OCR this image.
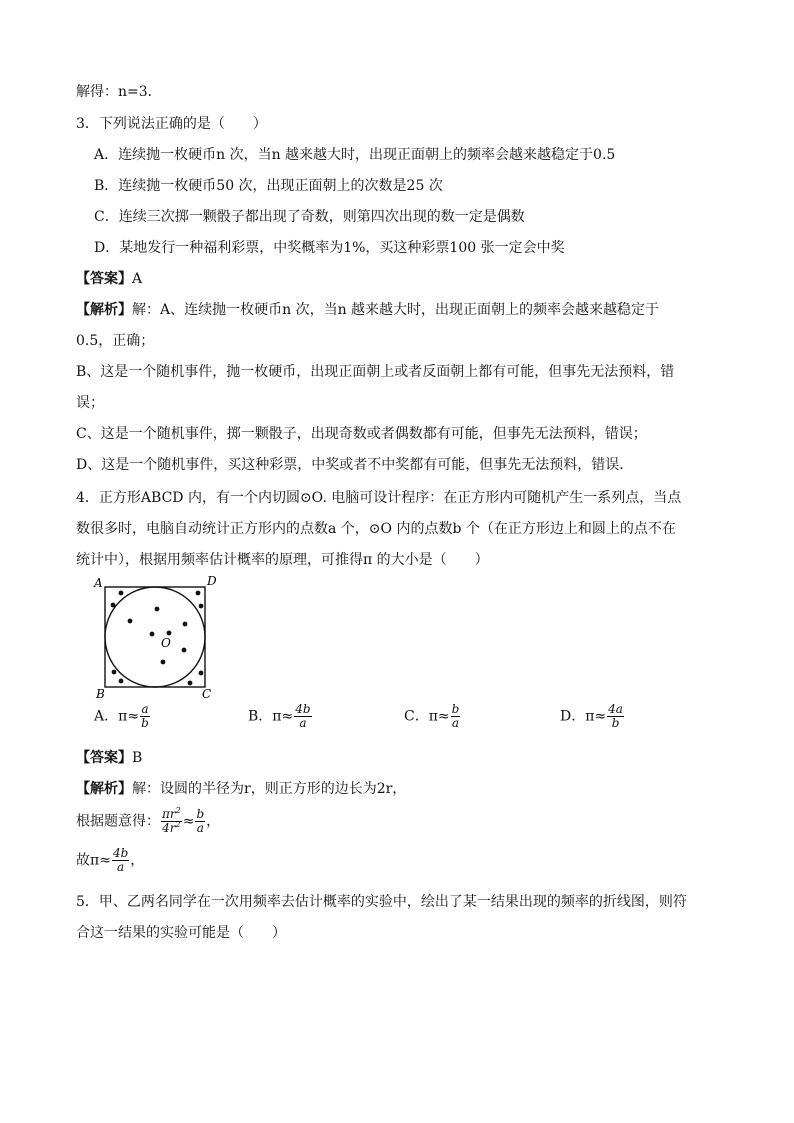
解得：n=3．
3．下列说法正确的是（　　）
A．连续抛一枚硬币n 次，当n 越来越大时，出现正面朝上的频率会越来越稳定于0.5
B．连续抛一枚硬币50 次，出现正面朝上的次数是25 次
C．连续三次掷一颗骰子都出现了奇数，则第四次出现的数一定是偶数
D．某地发行一种福利彩票，中奖概率为1%，买这种彩票100 张一定会中奖
【答案】A
【解析】解：A、连续抛一枚硬币n 次，当n 越来越大时，出现正面朝上的频率会越来越稳定于
0.5，正确；
B、这是一个随机事件，抛一枚硬币，出现正面朝上或者反面朝上都有可能，但事先无法预料，错
误；
C、这是一个随机事件，掷一颗骰子，出现奇数或者偶数都有可能，但事先无法预料，错误；
D、这是一个随机事件，买这种彩票，中奖或者不中奖都有可能，但事先无法预料，错误．
4．正方形ABCD 内，有一个内切圆⊙O. 电脑可设计程序：在正方形内可随机产生一系列点，当点
数很多时，电脑自动统计正方形内的点数a 个，⊙O 内的点数b 个（在正方形边上和圆上的点不在
统计中），根据用频率估计概率的原理，可推得π 的大小是（　　）
A	D
B	C
O
A．$\pi\approx \frac{a}{b}$	B．$\pi\approx \frac{4b}{a}$	C．$\pi\approx \frac{b}{a}$	D．$\pi\approx \frac{4a}{b}$
【答案】B
【解析】解：设圆的半径为r，则正方形的边长为2r，
根据题意得： $\frac{\pi r^2}{4r^2} \approx \frac{b}{a}$ ，
故$\pi\approx \frac{4b}{a}$ ，
5．甲、乙两名同学在一次用频率去估计概率的实验中，绘出了某一结果出现的频率的折线图，则符
合这一结果的实验可能是（　　）
